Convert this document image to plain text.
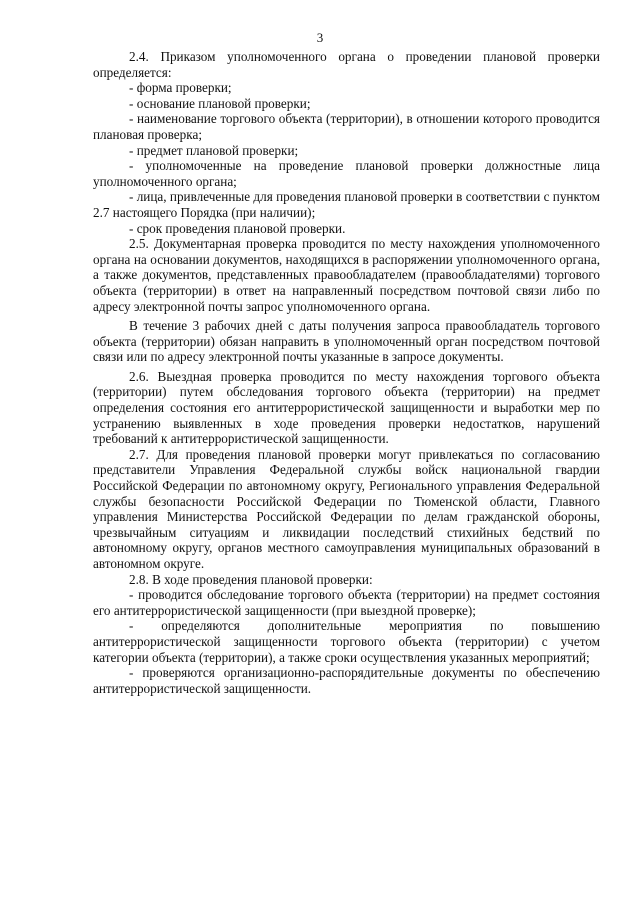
3

2.4. Приказом уполномоченного органа о проведении плановой проверки определяется:

- форма проверки;

- основание плановой проверки;

- наименование торгового объекта (территории), в отношении которого проводится плановая проверка;

- предмет плановой проверки;

- уполномоченные на проведение плановой проверки должностные лица уполномоченного органа;

- лица, привлеченные для проведения плановой проверки в соответствии с пунктом 2.7 настоящего Порядка (при наличии);

- срок проведения плановой проверки.

2.5. Документарная проверка проводится по месту нахождения уполномоченного органа на основании документов, находящихся в распоряжении уполномоченного органа, а также документов, представленных правообладателем (правообладателями) торгового объекта (территории) в ответ на направленный посредством почтовой связи либо по адресу электронной почты запрос уполномоченного органа.

В течение 3 рабочих дней с даты получения запроса правообладатель торгового объекта (территории) обязан направить в уполномоченный орган посредством почтовой связи или по адресу электронной почты указанные в запросе документы.

2.6. Выездная проверка проводится по месту нахождения торгового объекта (территории) путем обследования торгового объекта (территории) на предмет определения состояния его антитеррористической защищенности и выработки мер по устранению выявленных в ходе проведения проверки недостатков, нарушений требований к антитеррористической защищенности.

2.7. Для проведения плановой проверки могут привлекаться по согласованию представители Управления Федеральной службы войск национальной гвардии Российской Федерации по автономному округу, Регионального управления Федеральной службы безопасности Российской Федерации по Тюменской области, Главного управления Министерства Российской Федерации по делам гражданской обороны, чрезвычайным ситуациям и ликвидации последствий стихийных бедствий по автономному округу, органов местного самоуправления муниципальных образований в автономном округе.

2.8. В ходе проведения плановой проверки:

- проводится обследование торгового объекта (территории) на предмет состояния его антитеррористической защищенности (при выездной проверке);

- определяются дополнительные мероприятия по повышению антитеррористической защищенности торгового объекта (территории) с учетом категории объекта (территории), а также сроки осуществления указанных мероприятий;

- проверяются организационно-распорядительные документы по обеспечению антитеррористической защищенности.
